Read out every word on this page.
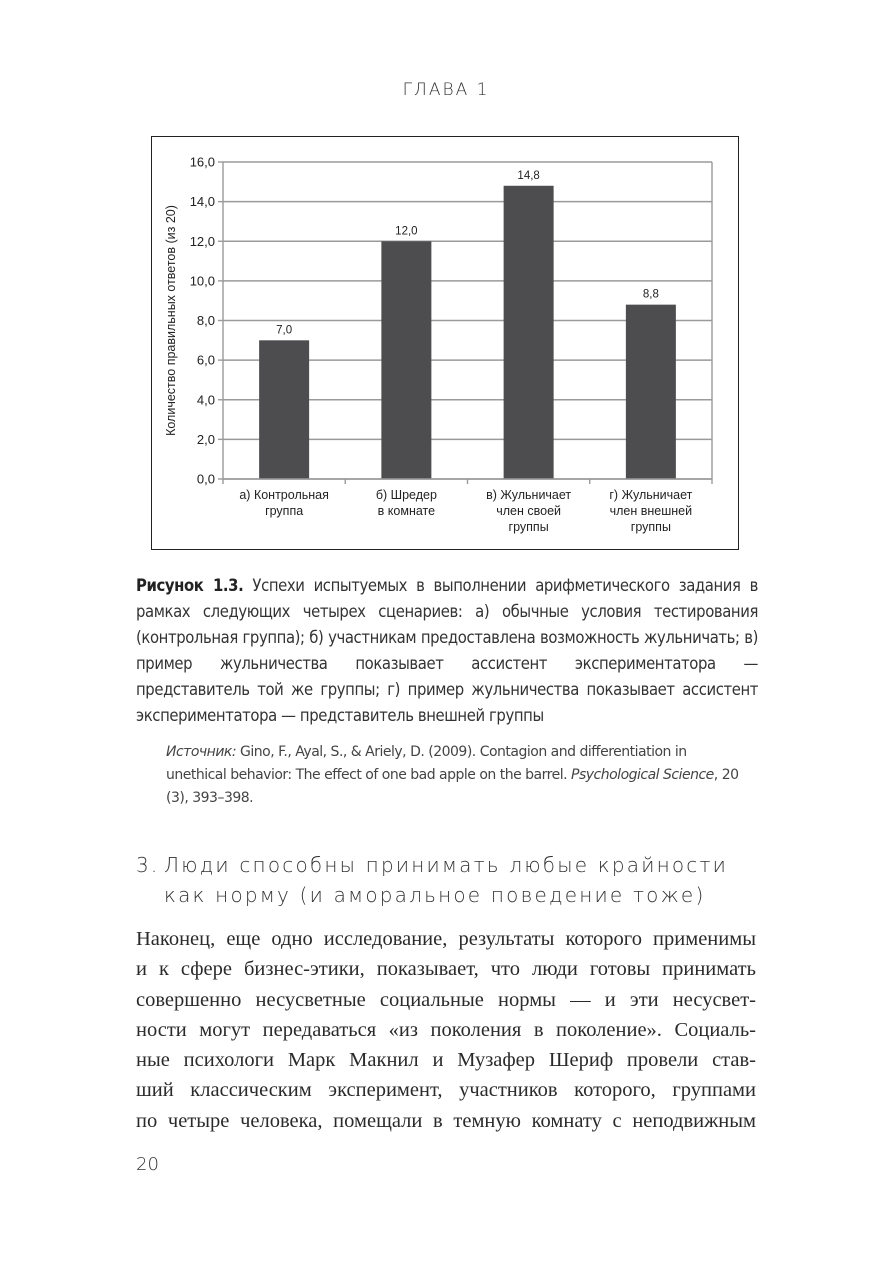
ГЛАВА 1
0,0
2,0
4,0
6,0
8,0
10,0
12,0
14,0
16,0
7,0
а) Контрольная
группа
12,0
б) Шредер
в комнате
14,8
в) Жульничает
член своей
группы
8,8
г) Жульничает
член внешней
группы
Количество правильных ответов (из 20)
Рисунок 1.3. Успехи испытуемых в выполнении арифметического задания в рамках следующих четырех сценариев: а) обычные условия тестирования (контрольная группа); б) участникам предоставлена возможность жульничать; в) пример жульничества показывает ассистент экспериментатора — представитель той же группы; г) пример жульничества показывает ассистент экспериментатора — представитель внешней группы
Источник: Gino, F., Ayal, S., & Ariely, D. (2009). Contagion and differentiation in unethical behavior: The effect of one bad apple on the barrel. Psychological Science, 20 (3), 393–398.
3. Люди способны принимать любые крайности
как норму (и аморальное поведение тоже)
Наконец, еще одно исследование, результаты которого применимы
и к сфере бизнес-этики, показывает, что люди готовы принимать
совершенно несусветные социальные нормы — и эти несусвет-
ности могут передаваться «из поколения в поколение». Социаль-
ные психологи Марк Макнил и Музафер Шериф провели став-
ший классическим эксперимент, участников которого, группами
по четыре человека, помещали в темную комнату с неподвижным
20
